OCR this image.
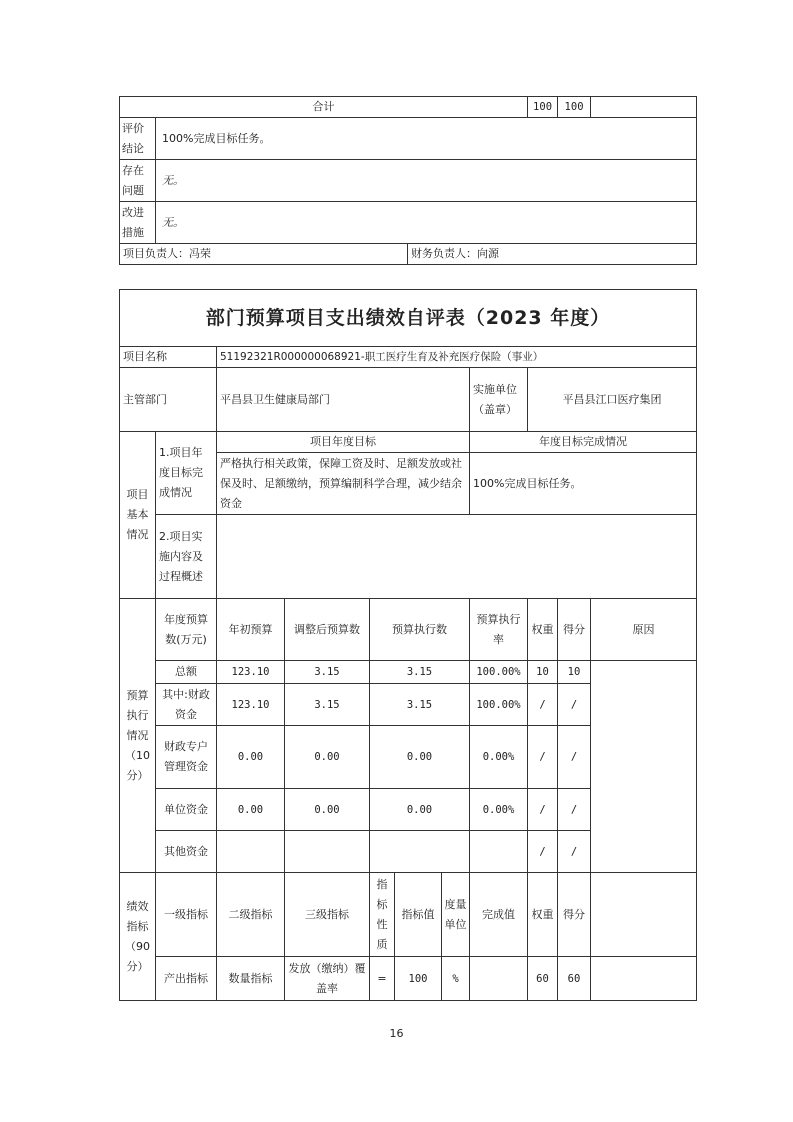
合计			100	100	
评价结论	100%完成目标任务。				
存在问题	无。				
改进措施	无。				
项目负责人：冯荣		财务负责人：向源			
部门预算项目支出绩效自评表（2023 年度）										
项目名称		51192321R000000068921-职工医疗生育及补充医疗保险（事业）								
主管部门		平昌县卫生健康局部门					实施单位（盖章）	平昌县江口医疗集团		
项目基本情况	1.项目年度目标完成情况	项目年度目标					年度目标完成情况			
		严格执行相关政策，保障工资及时、足额发放或社保及时、足额缴纳，预算编制科学合理，减少结余资金					100%完成目标任务。			
	2.项目实施内容及过程概述									
预算执行情况（10分）	年度预算数(万元)	年初预算	调整后预算数	预算执行数			预算执行率	权重	得分	原因
	总额	123.10	3.15	3.15			100.00%	10	10	
	其中:财政资金	123.10	3.15	3.15			100.00%	/	/	
	财政专户管理资金	0.00	0.00	0.00			0.00%	/	/	
	单位资金	0.00	0.00	0.00			0.00%	/	/	
	其他资金							/	/	
绩效指标（90分）	一级指标	二级指标	三级指标	指标性质	指标值	度量单位	完成值	权重	得分	
	产出指标	数量指标	发放（缴纳）覆盖率	=	100	%		60	60	
16
